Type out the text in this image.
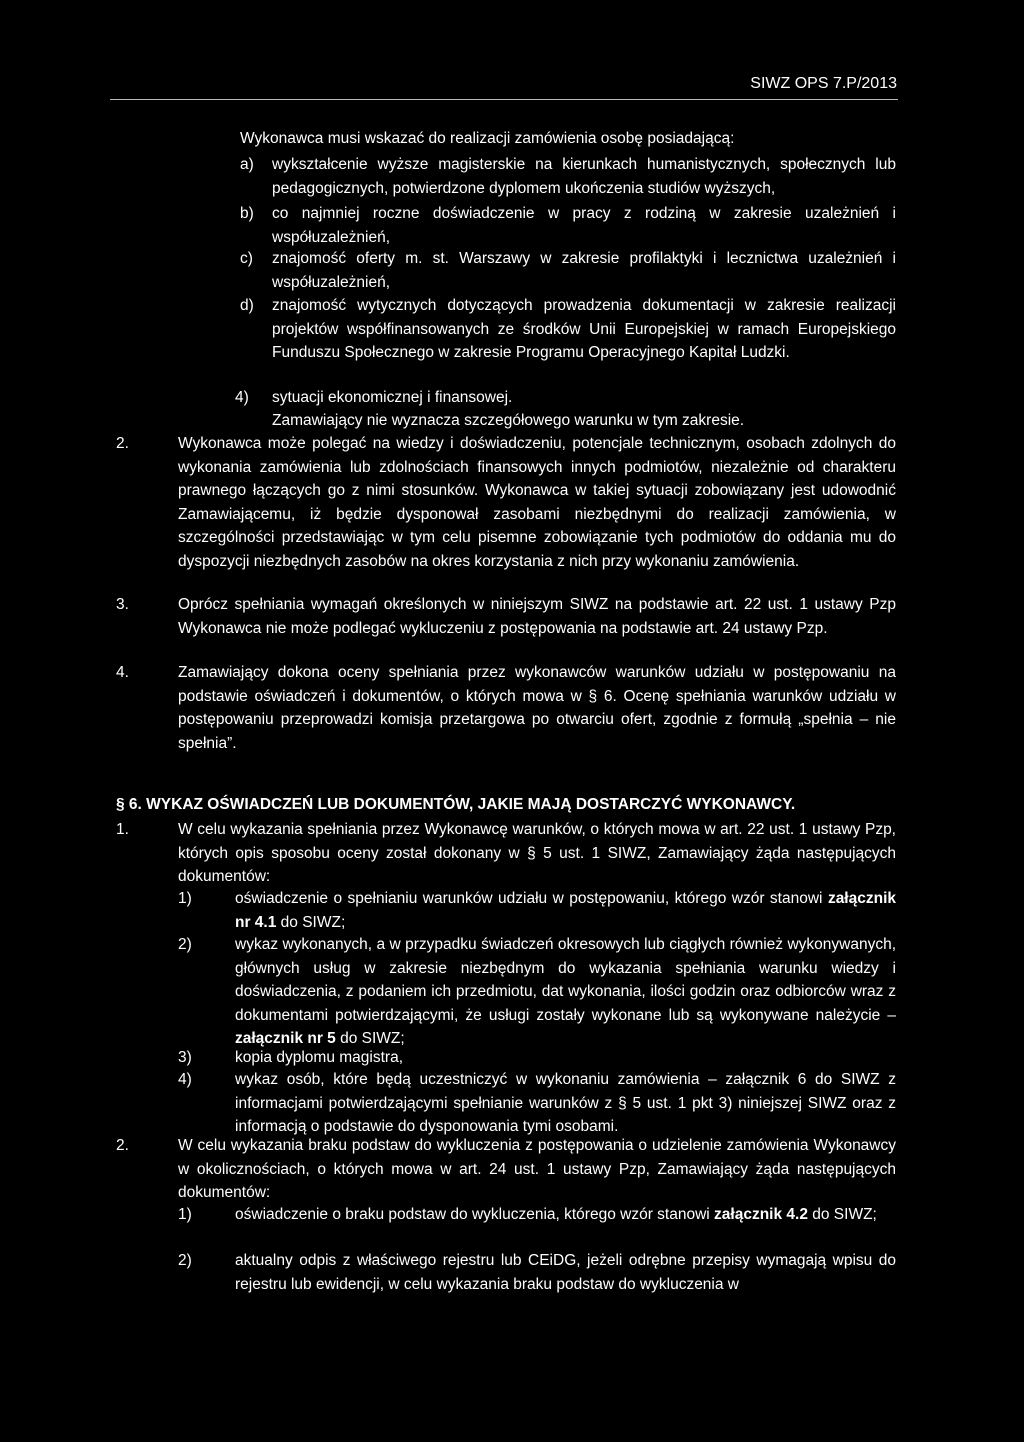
SIWZ OPS 7.P/2013
Wykonawca musi wskazać do realizacji zamówienia osobę posiadającą:
a) wykształcenie wyższe magisterskie na kierunkach humanistycznych, społecznych lub pedagogicznych, potwierdzone dyplomem ukończenia studiów wyższych,
b) co najmniej roczne doświadczenie w pracy z rodziną w zakresie uzależnień i współuzależnień,
c) znajomość oferty m. st. Warszawy w zakresie profilaktyki i lecznictwa uzależnień i współuzależnień,
d) znajomość wytycznych dotyczących prowadzenia dokumentacji w zakresie realizacji projektów współfinansowanych ze środków Unii Europejskiej w ramach Europejskiego Funduszu Społecznego w zakresie Programu Operacyjnego Kapitał Ludzki.
4) sytuacji ekonomicznej i finansowej.
Zamawiający nie wyznacza szczegółowego warunku w tym zakresie.
2.	Wykonawca może polegać na wiedzy i doświadczeniu, potencjale technicznym, osobach zdolnych do wykonania zamówienia lub zdolnościach finansowych innych podmiotów, niezależnie od charakteru prawnego łączących go z nimi stosunków. Wykonawca w takiej sytuacji zobowiązany jest udowodnić Zamawiającemu, iż będzie dysponował zasobami niezbędnymi do realizacji zamówienia, w szczególności przedstawiając w tym celu pisemne zobowiązanie tych podmiotów do oddania mu do dyspozycji niezbędnych zasobów na okres korzystania z nich przy wykonaniu zamówienia.
3.	Oprócz spełniania wymagań określonych w niniejszym SIWZ na podstawie art. 22 ust. 1 ustawy Pzp Wykonawca nie może podlegać wykluczeniu z postępowania na podstawie art. 24 ustawy Pzp.
4.	Zamawiający dokona oceny spełniania przez wykonawców warunków udziału w postępowaniu na podstawie oświadczeń i dokumentów, o których mowa w § 6. Ocenę spełniania warunków udziału w postępowaniu przeprowadzi komisja przetargowa po otwarciu ofert, zgodnie z formułą „spełnia – nie spełnia”.
§ 6. WYKAZ OŚWIADCZEŃ LUB DOKUMENTÓW, JAKIE MAJĄ DOSTARCZYĆ WYKONAWCY.
1.	W celu wykazania spełniania przez Wykonawcę warunków, o których mowa w art. 22 ust. 1 ustawy Pzp, których opis sposobu oceny został dokonany w § 5 ust. 1 SIWZ, Zamawiający żąda następujących dokumentów:
1)	oświadczenie o spełnianiu warunków udziału w postępowaniu, którego wzór stanowi załącznik nr 4.1 do SIWZ;
2)	wykaz wykonanych, a w przypadku świadczeń okresowych lub ciągłych również wykonywanych, głównych usług w zakresie niezbędnym do wykazania spełniania warunku wiedzy i doświadczenia, z podaniem ich przedmiotu, dat wykonania, ilości godzin oraz odbiorców wraz z dokumentami potwierdzającymi, że usługi zostały wykonane lub są wykonywane należycie – załącznik nr 5 do SIWZ;
3)	kopia dyplomu magistra,
4)	wykaz osób, które będą uczestniczyć w wykonaniu zamówienia – załącznik 6 do SIWZ z informacjami potwierdzającymi spełnianie warunków z § 5 ust. 1 pkt 3) niniejszej SIWZ oraz z informacją o podstawie do dysponowania tymi osobami.
2.	W celu wykazania braku podstaw do wykluczenia z postępowania o udzielenie zamówienia Wykonawcy w okolicznościach, o których mowa w art. 24 ust. 1 ustawy Pzp, Zamawiający żąda następujących dokumentów:
1)	oświadczenie o braku podstaw do wykluczenia, którego wzór stanowi załącznik 4.2 do SIWZ;
2)	aktualny odpis z właściwego rejestru lub CEiDG, jeżeli odrębne przepisy wymagają wpisu do rejestru lub ewidencji, w celu wykazania braku podstaw do wykluczenia w
